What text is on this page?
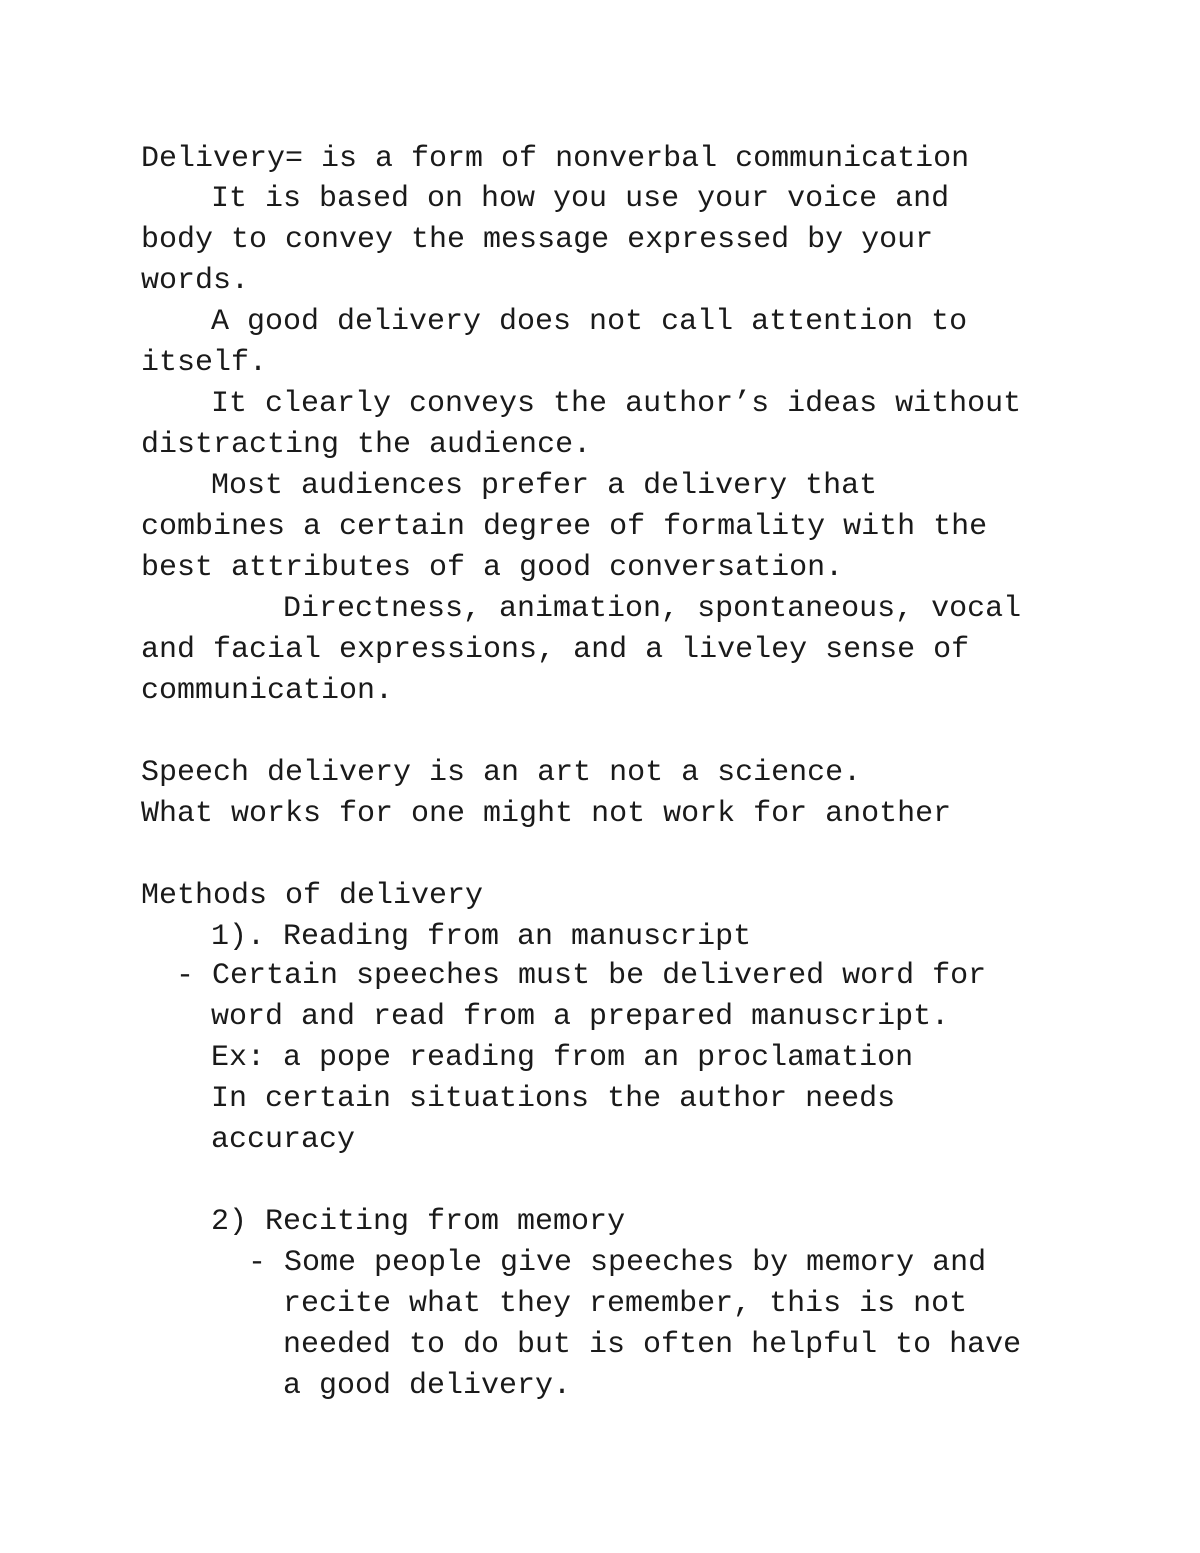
Delivery= is a form of nonverbal communication

It is based on how you use your voice and

body to convey the message expressed by your

words.

A good delivery does not call attention to

itself.

It clearly conveys the author’s ideas without

distracting the audience.

Most audiences prefer a delivery that

combines a certain degree of formality with the

best attributes of a good conversation.

Directness, animation, spontaneous, vocal

and facial expressions, and a liveley sense of

communication.

Speech delivery is an art not a science.

What works for one might not work for another

Methods of delivery

1). Reading from an manuscript

- Certain speeches must be delivered word for

word and read from a prepared manuscript.

Ex: a pope reading from an proclamation

In certain situations the author needs

accuracy

2) Reciting from memory

- Some people give speeches by memory and

recite what they remember, this is not

needed to do but is often helpful to have

a good delivery.
